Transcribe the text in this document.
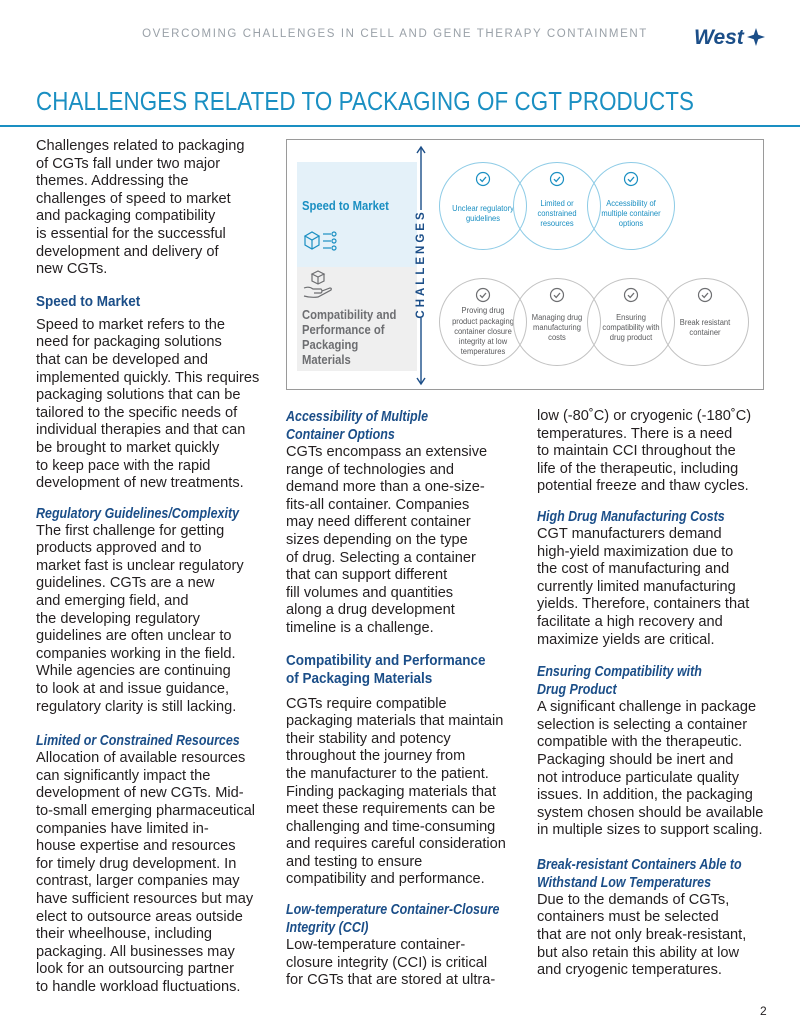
OVERCOMING CHALLENGES IN CELL AND GENE THERAPY CONTAINMENT	West
CHALLENGES RELATED TO PACKAGING OF CGT PRODUCTS
Challenges related to packaging
of CGTs fall under two major
themes. Addressing the
challenges of speed to market
and packaging compatibility
is essential for the successful
development and delivery of
new CGTs.
Speed to Market
Speed to market refers to the
need for packaging solutions
that can be developed and
implemented quickly. This requires
packaging solutions that can be
tailored to the specific needs of
individual therapies and that can
be brought to market quickly
to keep pace with the rapid
development of new treatments.
Regulatory Guidelines/Complexity
The first challenge for getting
products approved and to
market fast is unclear regulatory
guidelines. CGTs are a new
and emerging field, and
the developing regulatory
guidelines are often unclear to
companies working in the field.
While agencies are continuing
to look at and issue guidance,
regulatory clarity is still lacking.
Limited or Constrained Resources
Allocation of available resources
can significantly impact the
development of new CGTs. Mid-
to-small emerging pharmaceutical
companies have limited in-
house expertise and resources
for timely drug development. In
contrast, larger companies may
have sufficient resources but may
elect to outsource areas outside
their wheelhouse, including
packaging. All businesses may
look for an outsourcing partner
to handle workload fluctuations.
Speed to Market
Compatibility and Performance of Packaging Materials
CHALLENGES
Unclear regulatory guidelines
Limited or constrained resources
Accessibility of multiple container options
Proving drug product packaging container closure integrity at low temperatures
Managing drug manufacturing costs
Ensuring compatibility with drug product
Break resistant container
Accessibility of Multiple
Container Options
CGTs encompass an extensive
range of technologies and
demand more than a one-size-
fits-all container. Companies
may need different container
sizes depending on the type
of drug. Selecting a container
that can support different
fill volumes and quantities
along a drug development
timeline is a challenge.
Compatibility and Performance
of Packaging Materials
CGTs require compatible
packaging materials that maintain
their stability and potency
throughout the journey from
the manufacturer to the patient.
Finding packaging materials that
meet these requirements can be
challenging and time-consuming
and requires careful consideration
and testing to ensure
compatibility and performance.
Low-temperature Container-Closure
Integrity (CCI)
Low-temperature container-
closure integrity (CCI) is critical
for CGTs that are stored at ultra-
low (-80˚C) or cryogenic (-180˚C)
temperatures. There is a need
to maintain CCI throughout the
life of the therapeutic, including
potential freeze and thaw cycles.
High Drug Manufacturing Costs
CGT manufacturers demand
high-yield maximization due to
the cost of manufacturing and
currently limited manufacturing
yields. Therefore, containers that
facilitate a high recovery and
maximize yields are critical.
Ensuring Compatibility with
Drug Product
A significant challenge in package
selection is selecting a container
compatible with the therapeutic.
Packaging should be inert and
not introduce particulate quality
issues. In addition, the packaging
system chosen should be available
in multiple sizes to support scaling.
Break-resistant Containers Able to
Withstand Low Temperatures
Due to the demands of CGTs,
containers must be selected
that are not only break-resistant,
but also retain this ability at low
and cryogenic temperatures.
2
